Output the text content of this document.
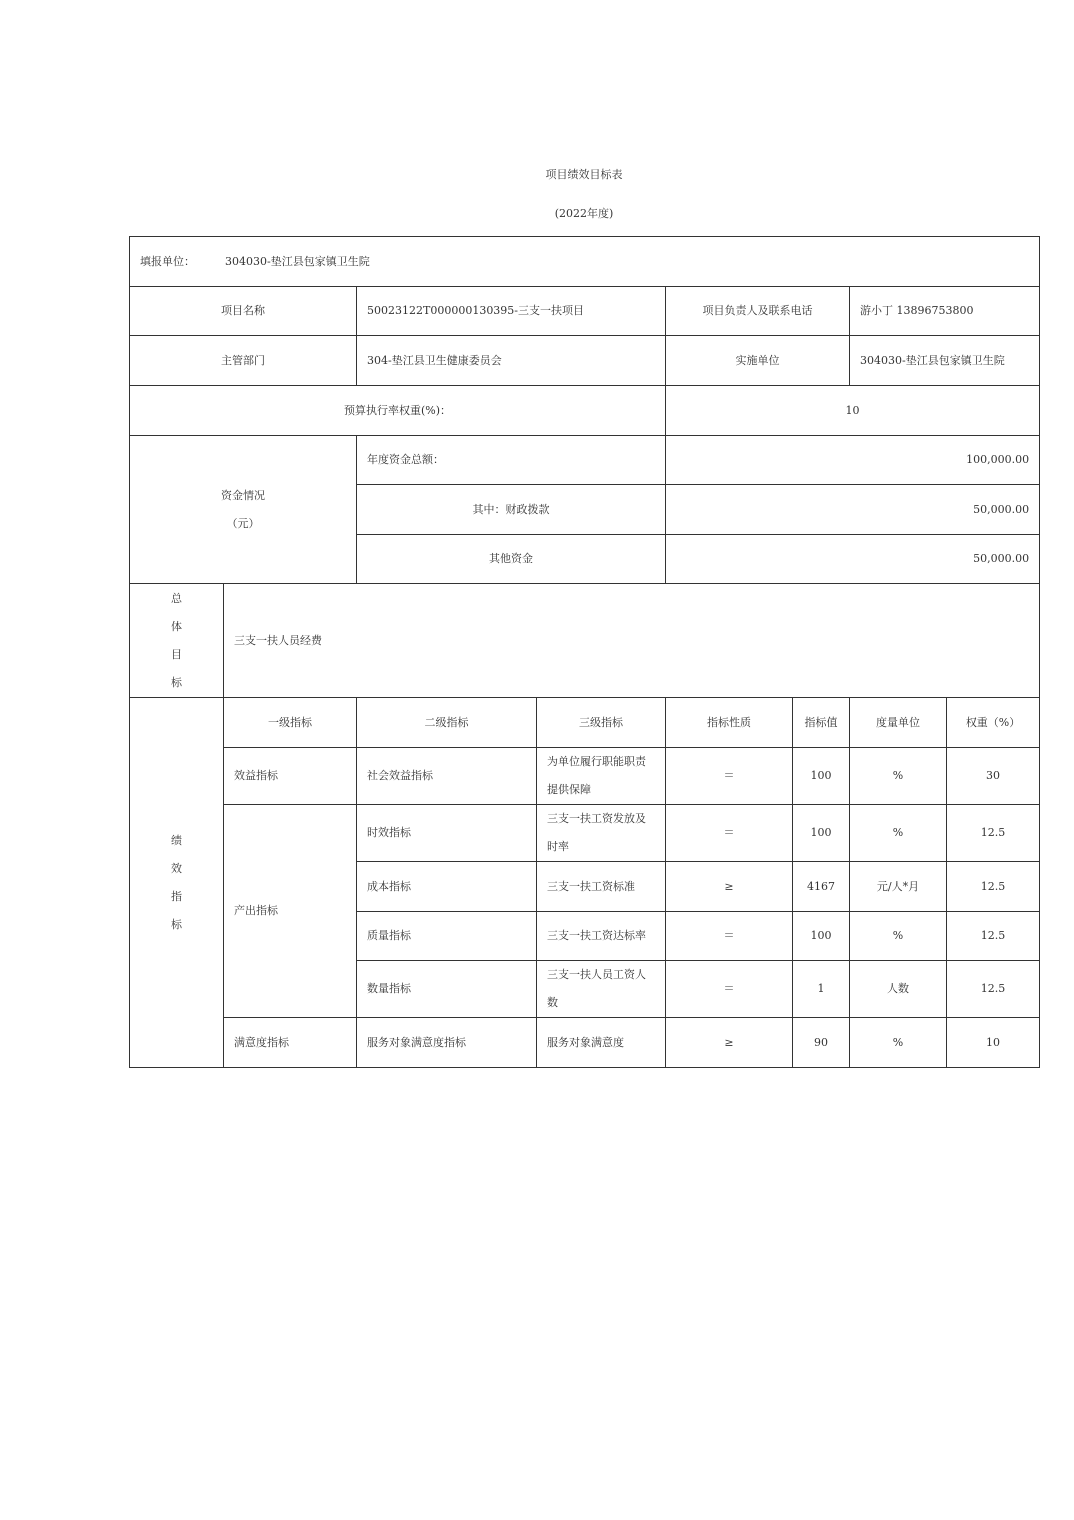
项目绩效目标表
(2022年度)
填报单位： 304030-垫江县包家镇卫生院							
项目名称		50023122T000000130395-三支一扶项目		项目负责人及联系电话		游小丁 13896753800	
主管部门		304-垫江县卫生健康委员会		实施单位		304030-垫江县包家镇卫生院	
预算执行率权重(%)：				10			

资金情况
（元）		年度资金总额：		100,000.00			
		其中：财政拨款		50,000.00			
		其他资金		50,000.00			

总
体
目
标	三支一扶人员经费						

绩
效
指
标	一级指标	二级指标	三级指标	指标性质	指标值	度量单位	权重（%）
	效益指标	社会效益指标	为单位履行职能职责提供保障	＝	100	%	30
	产出指标	时效指标	三支一扶工资发放及时率	＝	100	%	12.5
		成本指标	三支一扶工资标准	≥	4167	元/人*月	12.5
		质量指标	三支一扶工资达标率	＝	100	%	12.5
		数量指标	三支一扶人员工资人数	＝	1	人数	12.5
	满意度指标	服务对象满意度指标	服务对象满意度	≥	90	%	10
